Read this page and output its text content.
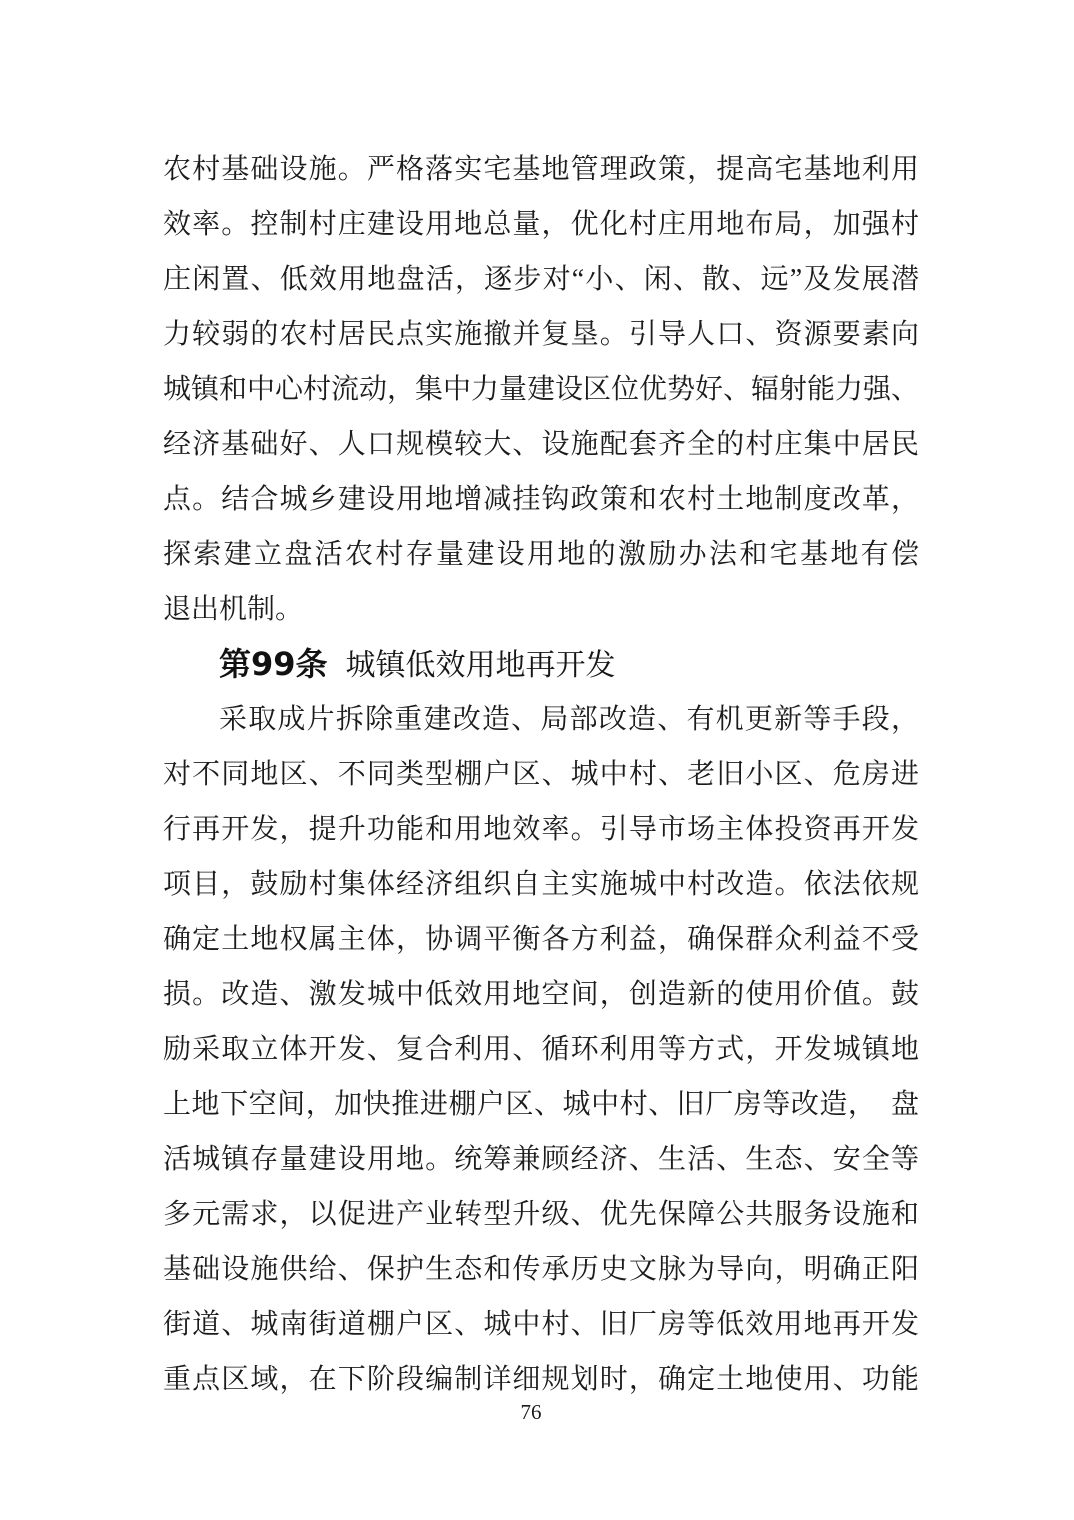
农村基础设施。严格落实宅基地管理政策，提高宅基地利用
效率。控制村庄建设用地总量，优化村庄用地布局，加强村
庄闲置、低效用地盘活，逐步对“小、闲、散、远”及发展潜
力较弱的农村居民点实施撤并复垦。引导人口、资源要素向
城镇和中心村流动，集中力量建设区位优势好、辐射能力强、
经济基础好、人口规模较大、设施配套齐全的村庄集中居民
点。结合城乡建设用地增减挂钩政策和农村土地制度改革，
探索建立盘活农村存量建设用地的激励办法和宅基地有偿
退出机制。
第99条 城镇低效用地再开发
采取成片拆除重建改造、局部改造、有机更新等手段，
对不同地区、不同类型棚户区、城中村、老旧小区、危房进
行再开发，提升功能和用地效率。引导市场主体投资再开发
项目，鼓励村集体经济组织自主实施城中村改造。依法依规
确定土地权属主体，协调平衡各方利益，确保群众利益不受
损。改造、激发城中低效用地空间，创造新的使用价值。鼓
励采取立体开发、复合利用、循环利用等方式，开发城镇地
上地下空间，加快推进棚户区、城中村、旧厂房等改造，　盘
活城镇存量建设用地。统筹兼顾经济、生活、生态、安全等
多元需求，以促进产业转型升级、优先保障公共服务设施和
基础设施供给、保护生态和传承历史文脉为导向，明确正阳
街道、城南街道棚户区、城中村、旧厂房等低效用地再开发
重点区域，在下阶段编制详细规划时，确定土地使用、功能
76
